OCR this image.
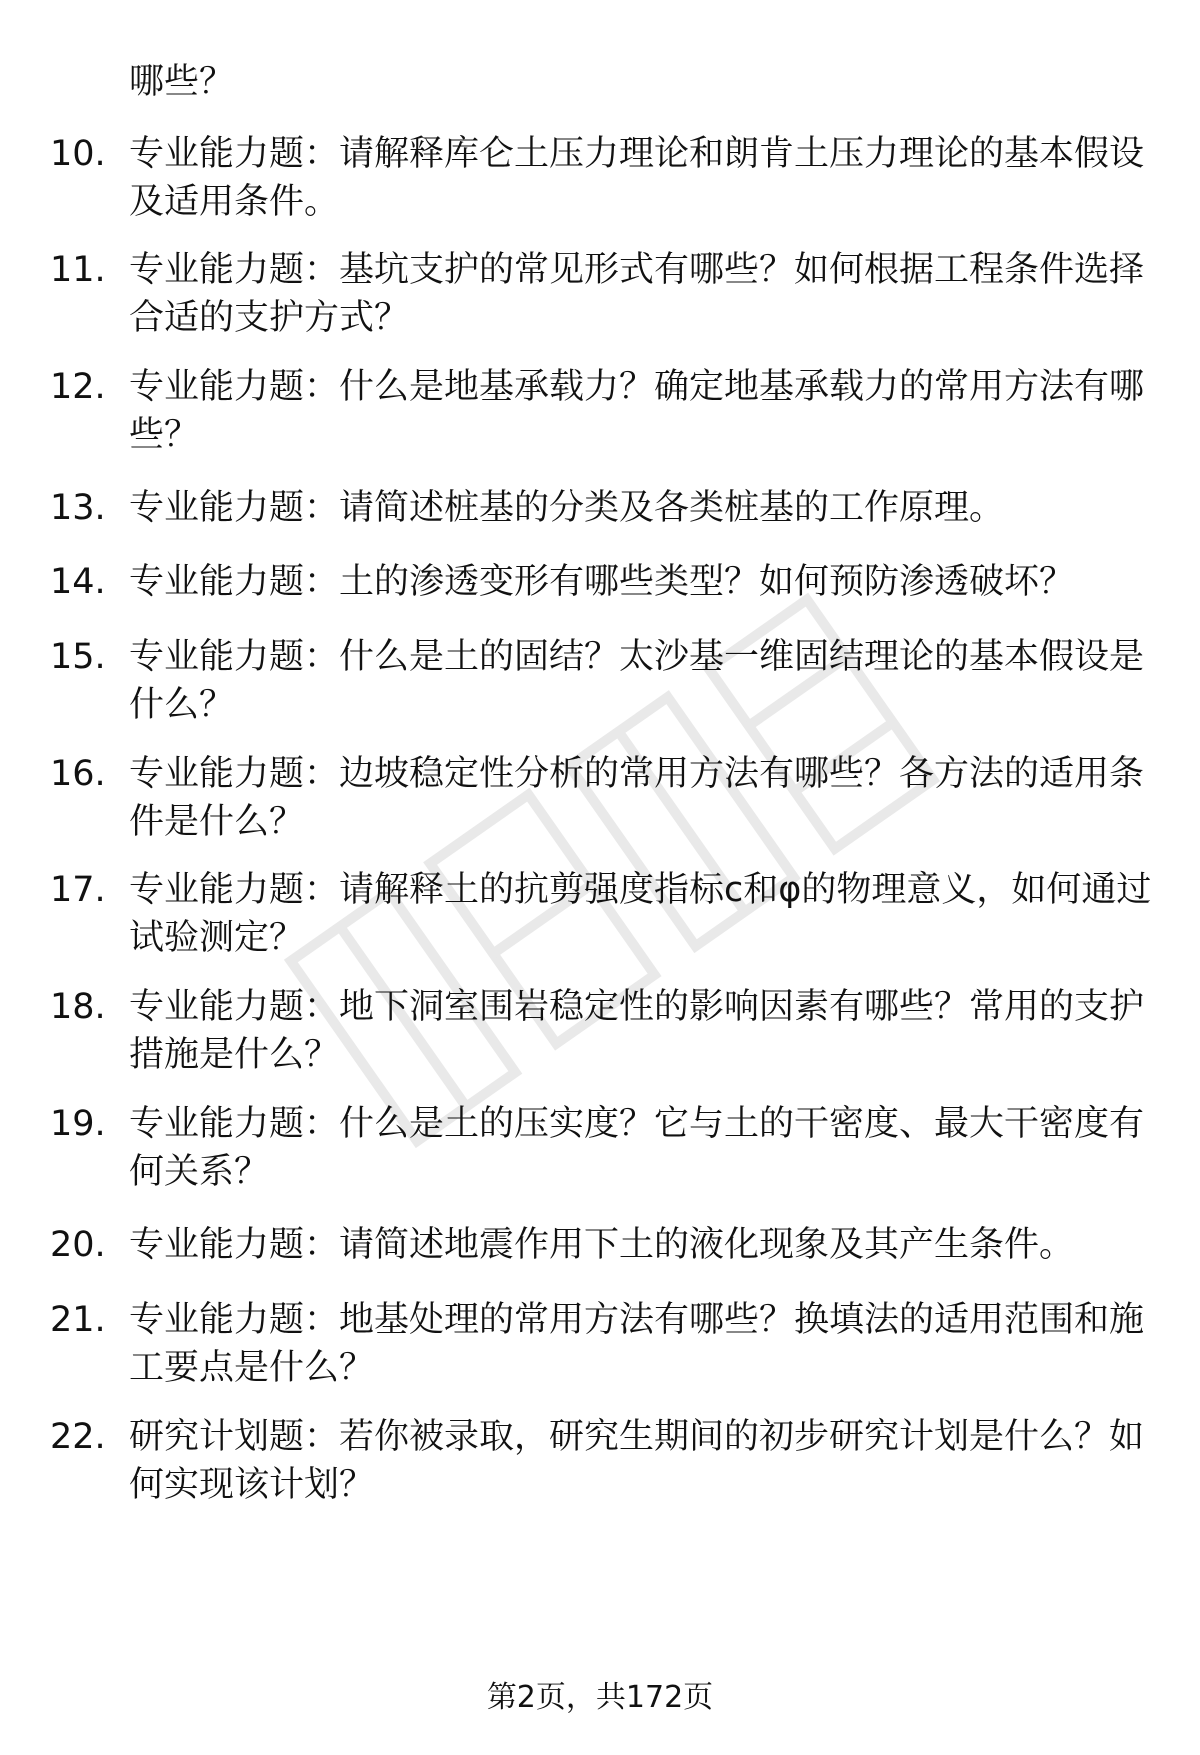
哪些？
10. 专业能力题：请解释库仑土压力理论和朗肯土压力理论的基本假设及适用条件。
11. 专业能力题：基坑支护的常见形式有哪些？如何根据工程条件选择合适的支护方式？
12. 专业能力题：什么是地基承载力？确定地基承载力的常用方法有哪些？
13. 专业能力题：请简述桩基的分类及各类桩基的工作原理。
14. 专业能力题：土的渗透变形有哪些类型？如何预防渗透破坏？
15. 专业能力题：什么是土的固结？太沙基一维固结理论的基本假设是什么？
16. 专业能力题：边坡稳定性分析的常用方法有哪些？各方法的适用条件是什么？
17. 专业能力题：请解释土的抗剪强度指标c和φ的物理意义，如何通过试验测定？
18. 专业能力题：地下洞室围岩稳定性的影响因素有哪些？常用的支护措施是什么？
19. 专业能力题：什么是土的压实度？它与土的干密度、最大干密度有何关系？
20. 专业能力题：请简述地震作用下土的液化现象及其产生条件。
21. 专业能力题：地基处理的常用方法有哪些？换填法的适用范围和施工要点是什么？
22. 研究计划题：若你被录取，研究生期间的初步研究计划是什么？如何实现该计划？
第2页，共172页
